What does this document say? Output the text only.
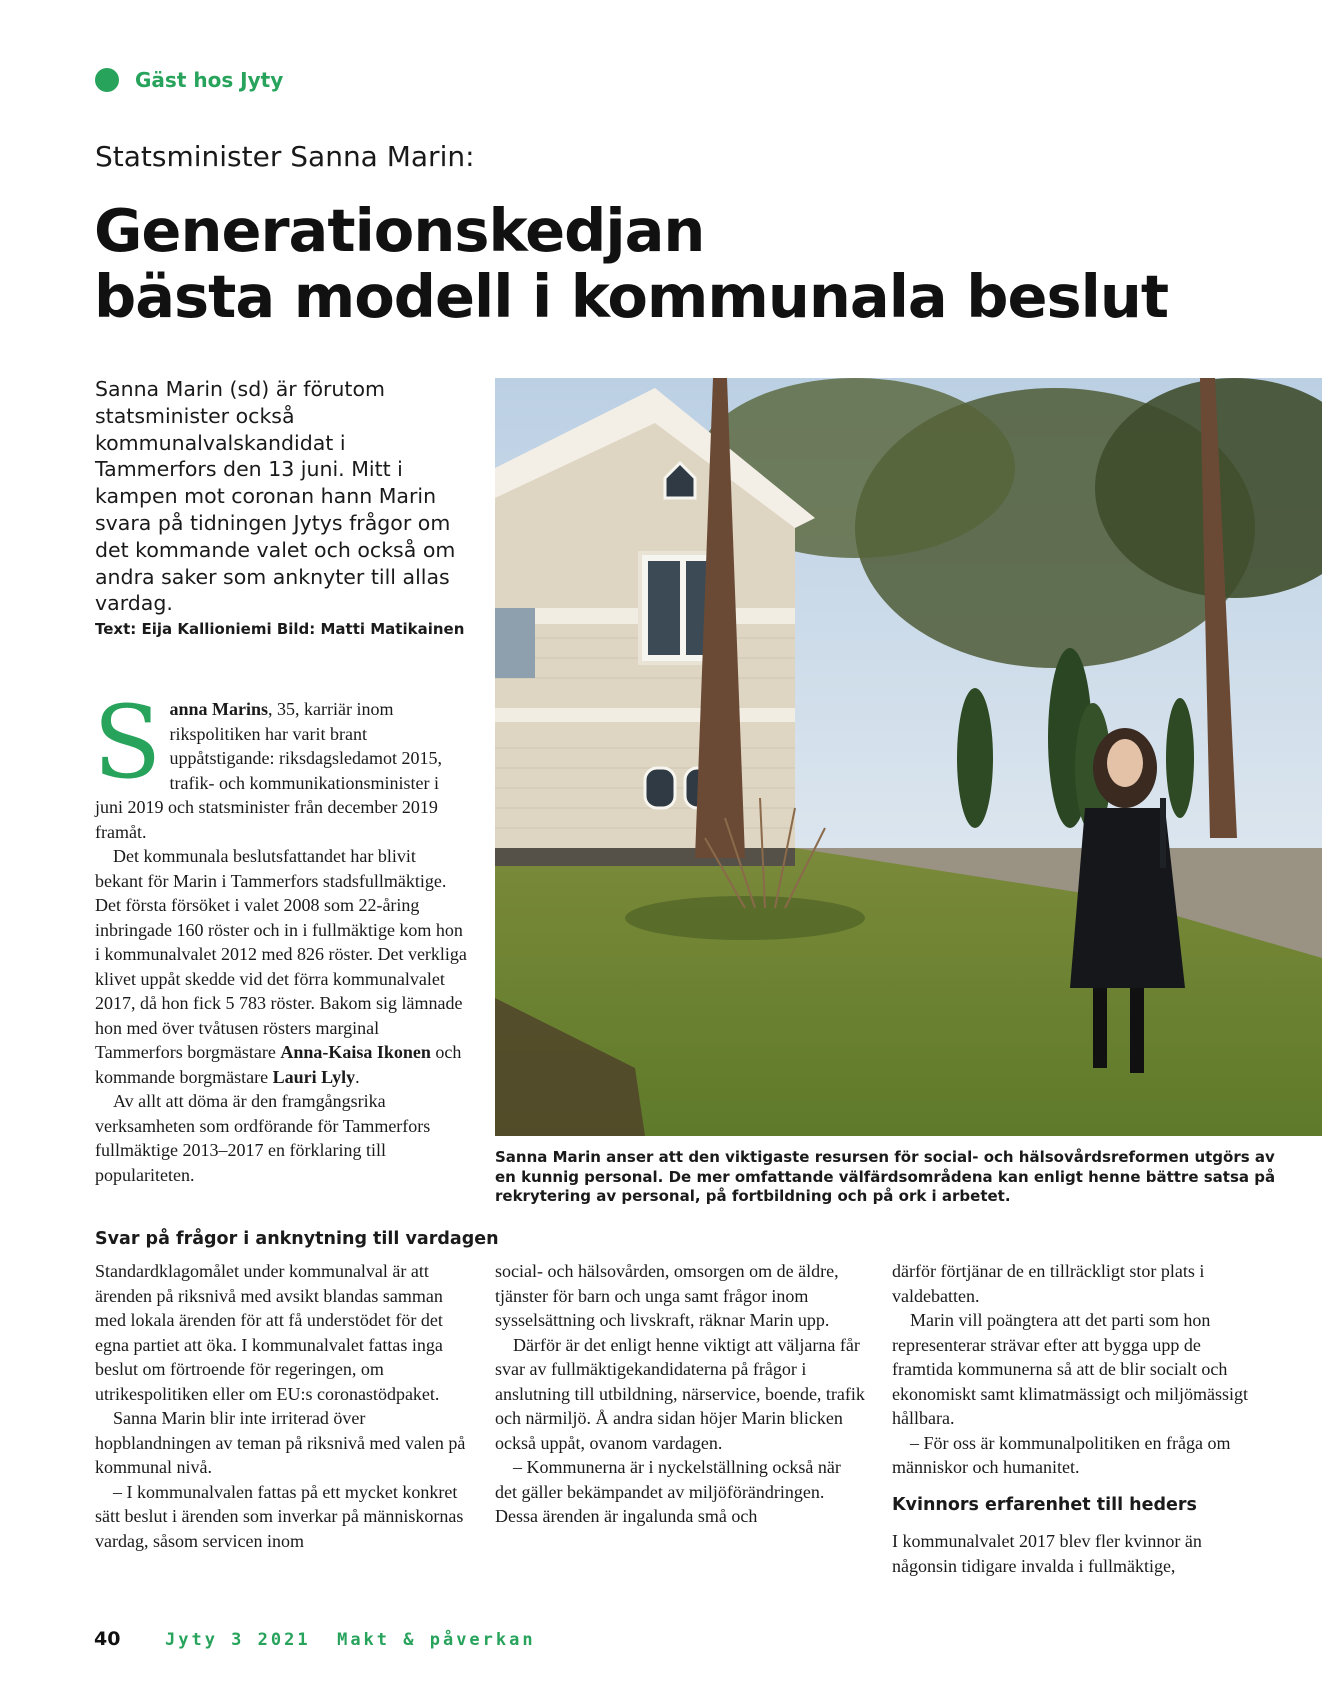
Gäst hos Jyty
Statsminister Sanna Marin:
Generationskedjan
bästa modell i kommunala beslut
Sanna Marin (sd) är förutom statsminister också kommunalvalskandidat i Tammerfors den 13 juni. Mitt i kampen mot coronan hann Marin svara på tidningen Jytys frågor om det kommande valet och också om andra saker som anknyter till allas vardag.
Text: Eija Kallioniemi Bild: Matti Matikainen

Sanna Marins, 35, karriär inom rikspolitiken har varit brant uppåtstigande: riksdagsledamot 2015, trafik- och kommunikationsminister i juni 2019 och statsminister från december 2019 framåt.

Det kommunala beslutsfattandet har blivit bekant för Marin i Tammerfors stadsfullmäktige. Det första försöket i valet 2008 som 22-åring inbringade 160 röster och in i fullmäktige kom hon i kommunalvalet 2012 med 826 röster. Det verkliga klivet uppåt skedde vid det förra kommunalvalet 2017, då hon fick 5 783 röster. Bakom sig lämnade hon med över tvåtusen rösters marginal Tammerfors borgmästare Anna-Kaisa Ikonen och kommande borgmästare Lauri Lyly.

Av allt att döma är den framgångsrika verksamheten som ordförande för Tammerfors fullmäktige 2013–2017 en förklaring till populariteten.

Sanna Marin anser att den viktigaste resursen för social- och hälsovårdsreformen utgörs av en kunnig personal. De mer omfattande välfärdsområdena kan enligt henne bättre satsa på rekrytering av personal, på fortbildning och på ork i arbetet.
Svar på frågor i anknytning till vardagen

Standardklagomålet under kommunalval är att ärenden på riksnivå med avsikt blandas samman med lokala ärenden för att få understödet för det egna partiet att öka. I kommunalvalet fattas inga beslut om förtroende för regeringen, om utrikespolitiken eller om EU:s coronastödpaket.

Sanna Marin blir inte irriterad över hopblandningen av teman på riksnivå med valen på kommunal nivå.

– I kommunalvalen fattas på ett mycket konkret sätt beslut i ärenden som inverkar på människornas vardag, såsom servicen inom

social- och hälsovården, omsorgen om de äldre, tjänster för barn och unga samt frågor inom sysselsättning och livskraft, räknar Marin upp.

Därför är det enligt henne viktigt att väljarna får svar av fullmäktigekandidaterna på frågor i anslutning till utbildning, närservice, boende, trafik och närmiljö. Å andra sidan höjer Marin blicken också uppåt, ovanom vardagen.

– Kommunerna är i nyckelställning också när det gäller bekämpandet av miljöförändringen. Dessa ärenden är ingalunda små och

därför förtjänar de en tillräckligt stor plats i valdebatten.

Marin vill poängtera att det parti som hon representerar strävar efter att bygga upp de framtida kommunerna så att de blir socialt och ekonomiskt samt klimatmässigt och miljömässigt hållbara.

– För oss är kommunalpolitiken en fråga om människor och humanitet.

Kvinnors erfarenhet till heders

I kommunalvalet 2017 blev fler kvinnor än någonsin tidigare invalda i fullmäktige,

40	Jyty 3 2021 Makt & påverkan
